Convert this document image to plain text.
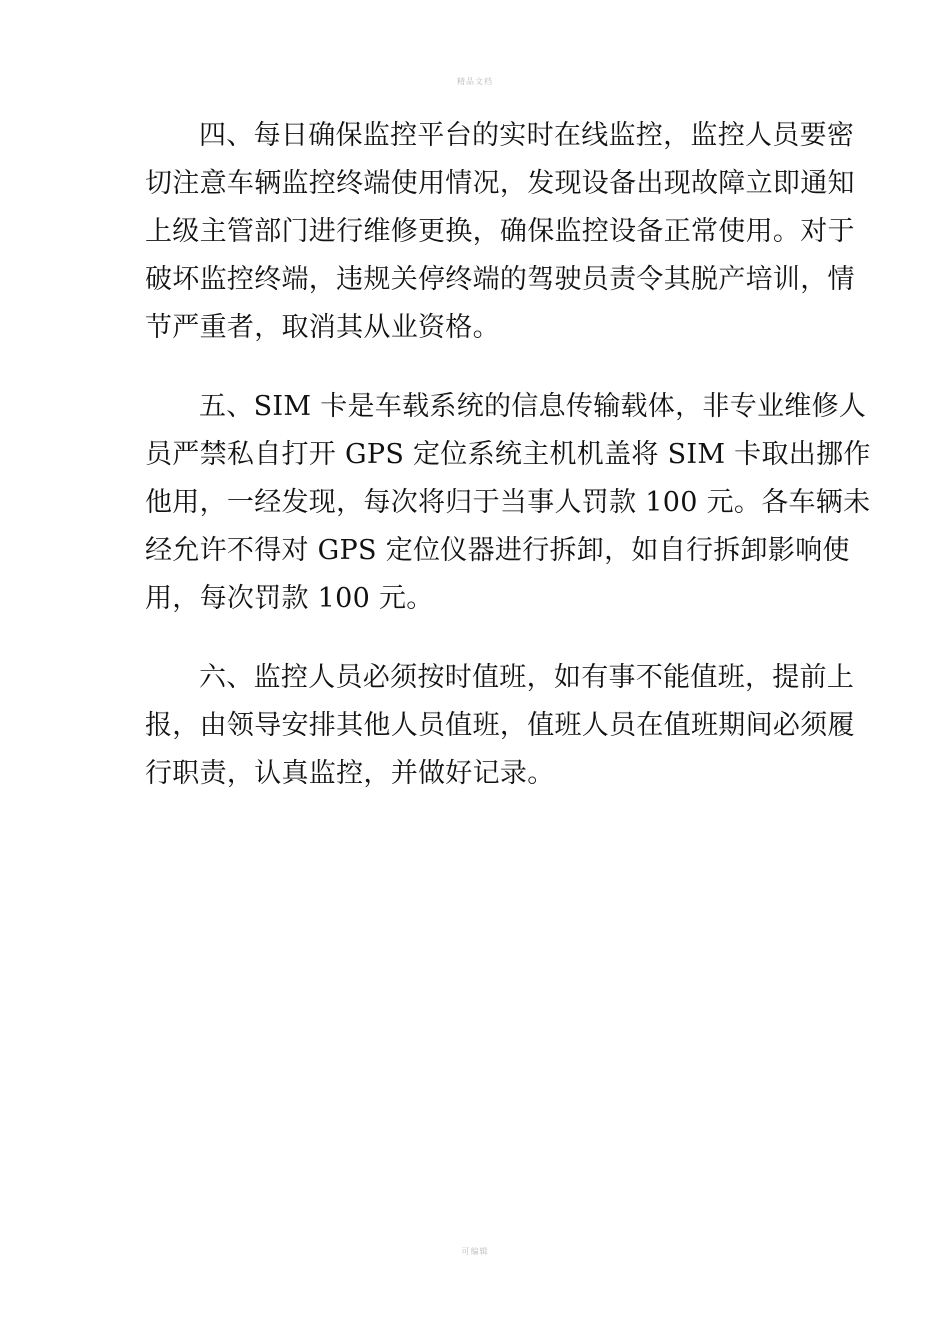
精品文档
四、每日确保监控平台的实时在线监控，监控人员要密
切注意车辆监控终端使用情况，发现设备出现故障立即通知
上级主管部门进行维修更换，确保监控设备正常使用。对于
破坏监控终端，违规关停终端的驾驶员责令其脱产培训，情
节严重者，取消其从业资格。
五、SIM 卡是车载系统的信息传输载体，非专业维修人
员严禁私自打开 GPS 定位系统主机机盖将 SIM 卡取出挪作
他用，一经发现，每次将归于当事人罚款 100 元。各车辆未
经允许不得对 GPS 定位仪器进行拆卸，如自行拆卸影响使
用，每次罚款 100 元。
六、监控人员必须按时值班，如有事不能值班，提前上
报，由领导安排其他人员值班，值班人员在值班期间必须履
行职责，认真监控，并做好记录。
可编辑
